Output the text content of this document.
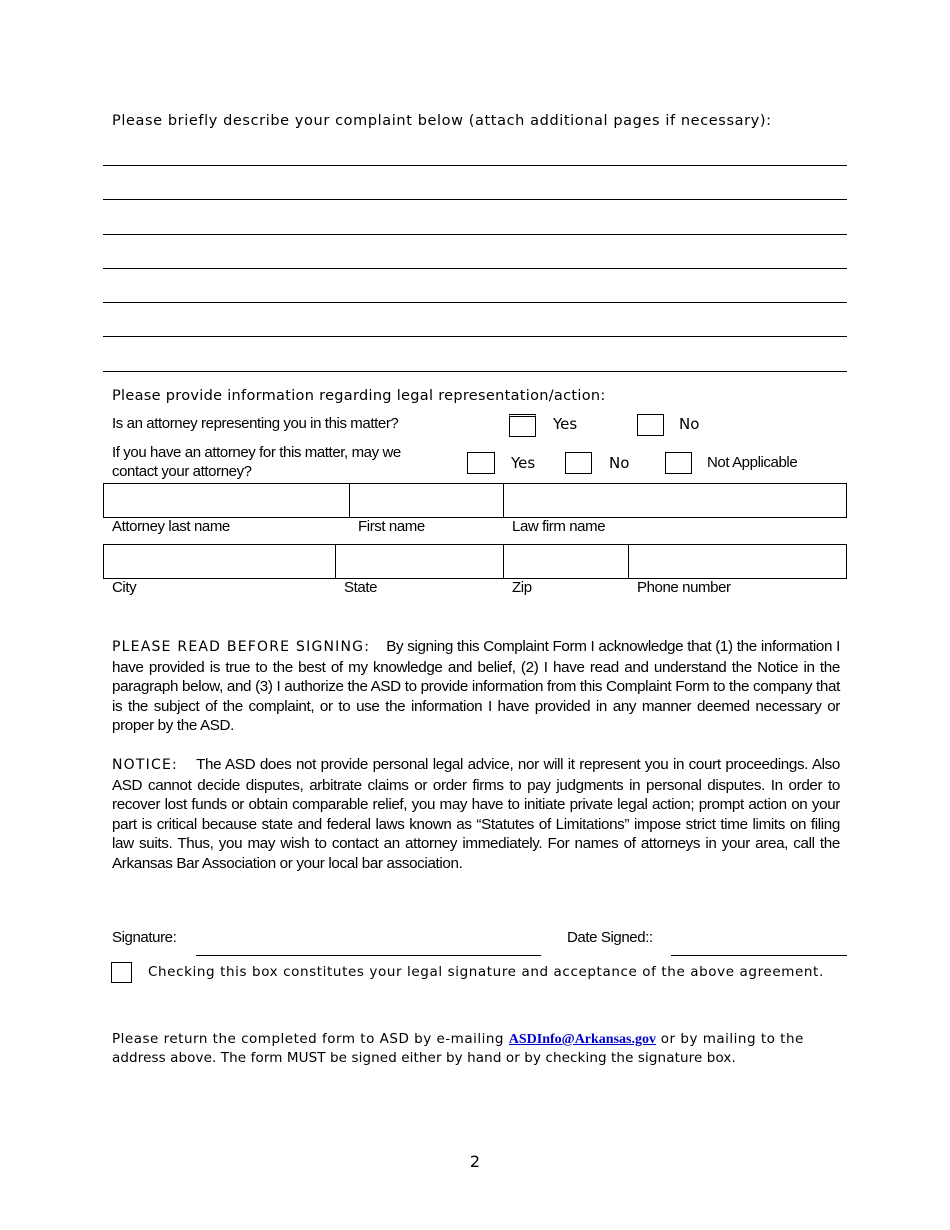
Please briefly describe your complaint below (attach additional pages if necessary):
Please provide information regarding legal representation/action:
Is an attorney representing you in this matter?	Yes	No
If you have an attorney for this matter, may we
contact your attorney?	Yes	No	Not Applicable
Attorney last name	First name	Law firm name
City	State	Zip	Phone number
PLEASE READ BEFORE SIGNING: By signing this Complaint Form I acknowledge that (1) the information I have provided is true to the best of my knowledge and belief, (2) I have read and understand the Notice in the paragraph below, and (3) I authorize the ASD to provide information from this Complaint Form to the company that is the subject of the complaint, or to use the information I have provided in any manner deemed necessary or proper by the ASD.
NOTICE: The ASD does not provide personal legal advice, nor will it represent you in court proceedings. Also ASD cannot decide disputes, arbitrate claims or order firms to pay judgments in personal disputes. In order to recover lost funds or obtain comparable relief, you may have to initiate private legal action; prompt action on your part is critical because state and federal laws known as “Statutes of Limitations” impose strict time limits on filing law suits. Thus, you may wish to contact an attorney immediately. For names of attorneys in your area, call the Arkansas Bar Association or your local bar association.
Signature:	Date Signed::
Checking this box constitutes your legal signature and acceptance of the above agreement.
Please return the completed form to ASD by e-mailing ASDInfo@Arkansas.gov or by mailing to the
address above. The form MUST be signed either by hand or by checking the signature box.
2
